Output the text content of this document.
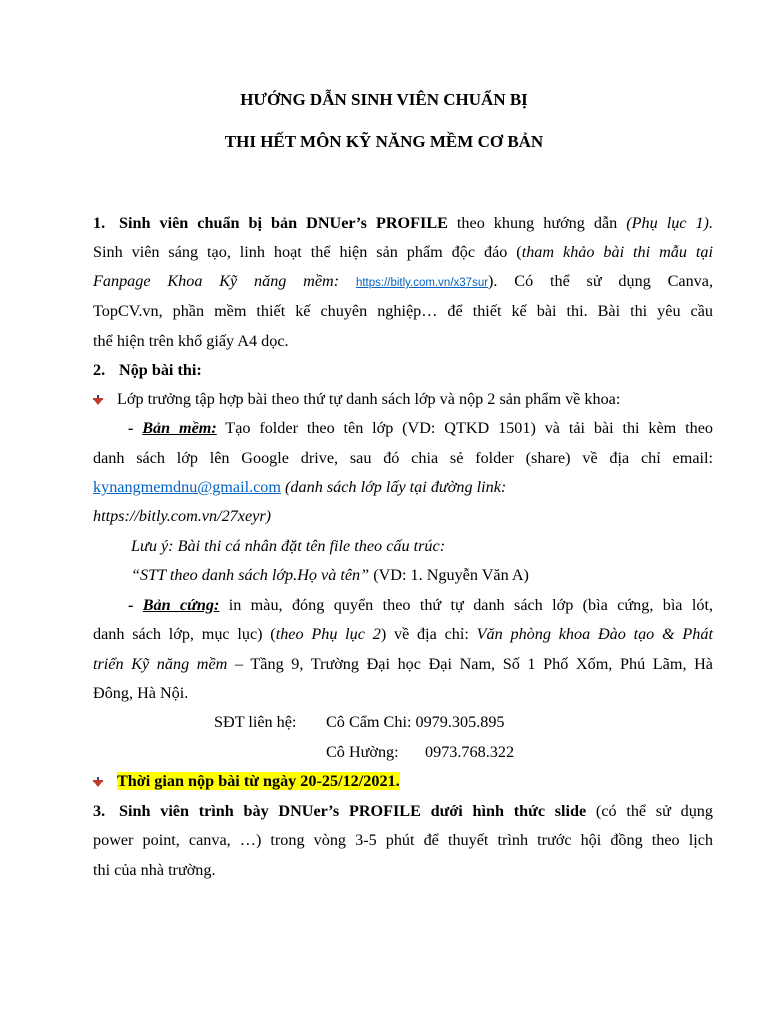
HƯỚNG DẪN SINH VIÊN CHUẨN BỊ
THI HẾT MÔN KỸ NĂNG MỀM CƠ BẢN
1. Sinh viên chuẩn bị bản DNUer’s PROFILE theo khung hướng dẫn (Phụ lục 1).
Sinh viên sáng tạo, linh hoạt thể hiện sản phẩm độc đáo (tham khảo bài thi mẫu tại
Fanpage Khoa Kỹ năng mềm: https://bitly.com.vn/x37sur). Có thể sử dụng Canva,
TopCV.vn, phần mềm thiết kế chuyên nghiệp… để thiết kế bài thi. Bài thi yêu cầu
thể hiện trên khổ giấy A4 dọc.
2. Nộp bài thi:
Lớp trưởng tập hợp bài theo thứ tự danh sách lớp và nộp 2 sản phẩm về khoa:
- Bản mềm: Tạo folder theo tên lớp (VD: QTKD 1501) và tải bài thi kèm theo
danh sách lớp lên Google drive, sau đó chia sẻ folder (share) về địa chỉ email:
kynangmemdnu@gmail.com (danh sách lớp lấy tại đường link:
https://bitly.com.vn/27xeyr)
Lưu ý: Bài thi cá nhân đặt tên file theo cấu trúc:
“STT theo danh sách lớp.Họ và tên” (VD: 1. Nguyễn Văn A)
- Bản cứng: in màu, đóng quyển theo thứ tự danh sách lớp (bìa cứng, bìa lót,
danh sách lớp, mục lục) (theo Phụ lục 2) về địa chỉ: Văn phòng khoa Đào tạo & Phát
triển Kỹ năng mềm – Tầng 9, Trường Đại học Đại Nam, Số 1 Phố Xốm, Phú Lãm, Hà
Đông, Hà Nội.
SĐT liên hệ:	Cô Cẩm Chi: 0979.305.895
Cô Hường:	0973.768.322
Thời gian nộp bài từ ngày 20-25/12/2021.
3. Sinh viên trình bày DNUer’s PROFILE dưới hình thức slide (có thể sử dụng
power point, canva, …) trong vòng 3-5 phút để thuyết trình trước hội đồng theo lịch
thi của nhà trường.
